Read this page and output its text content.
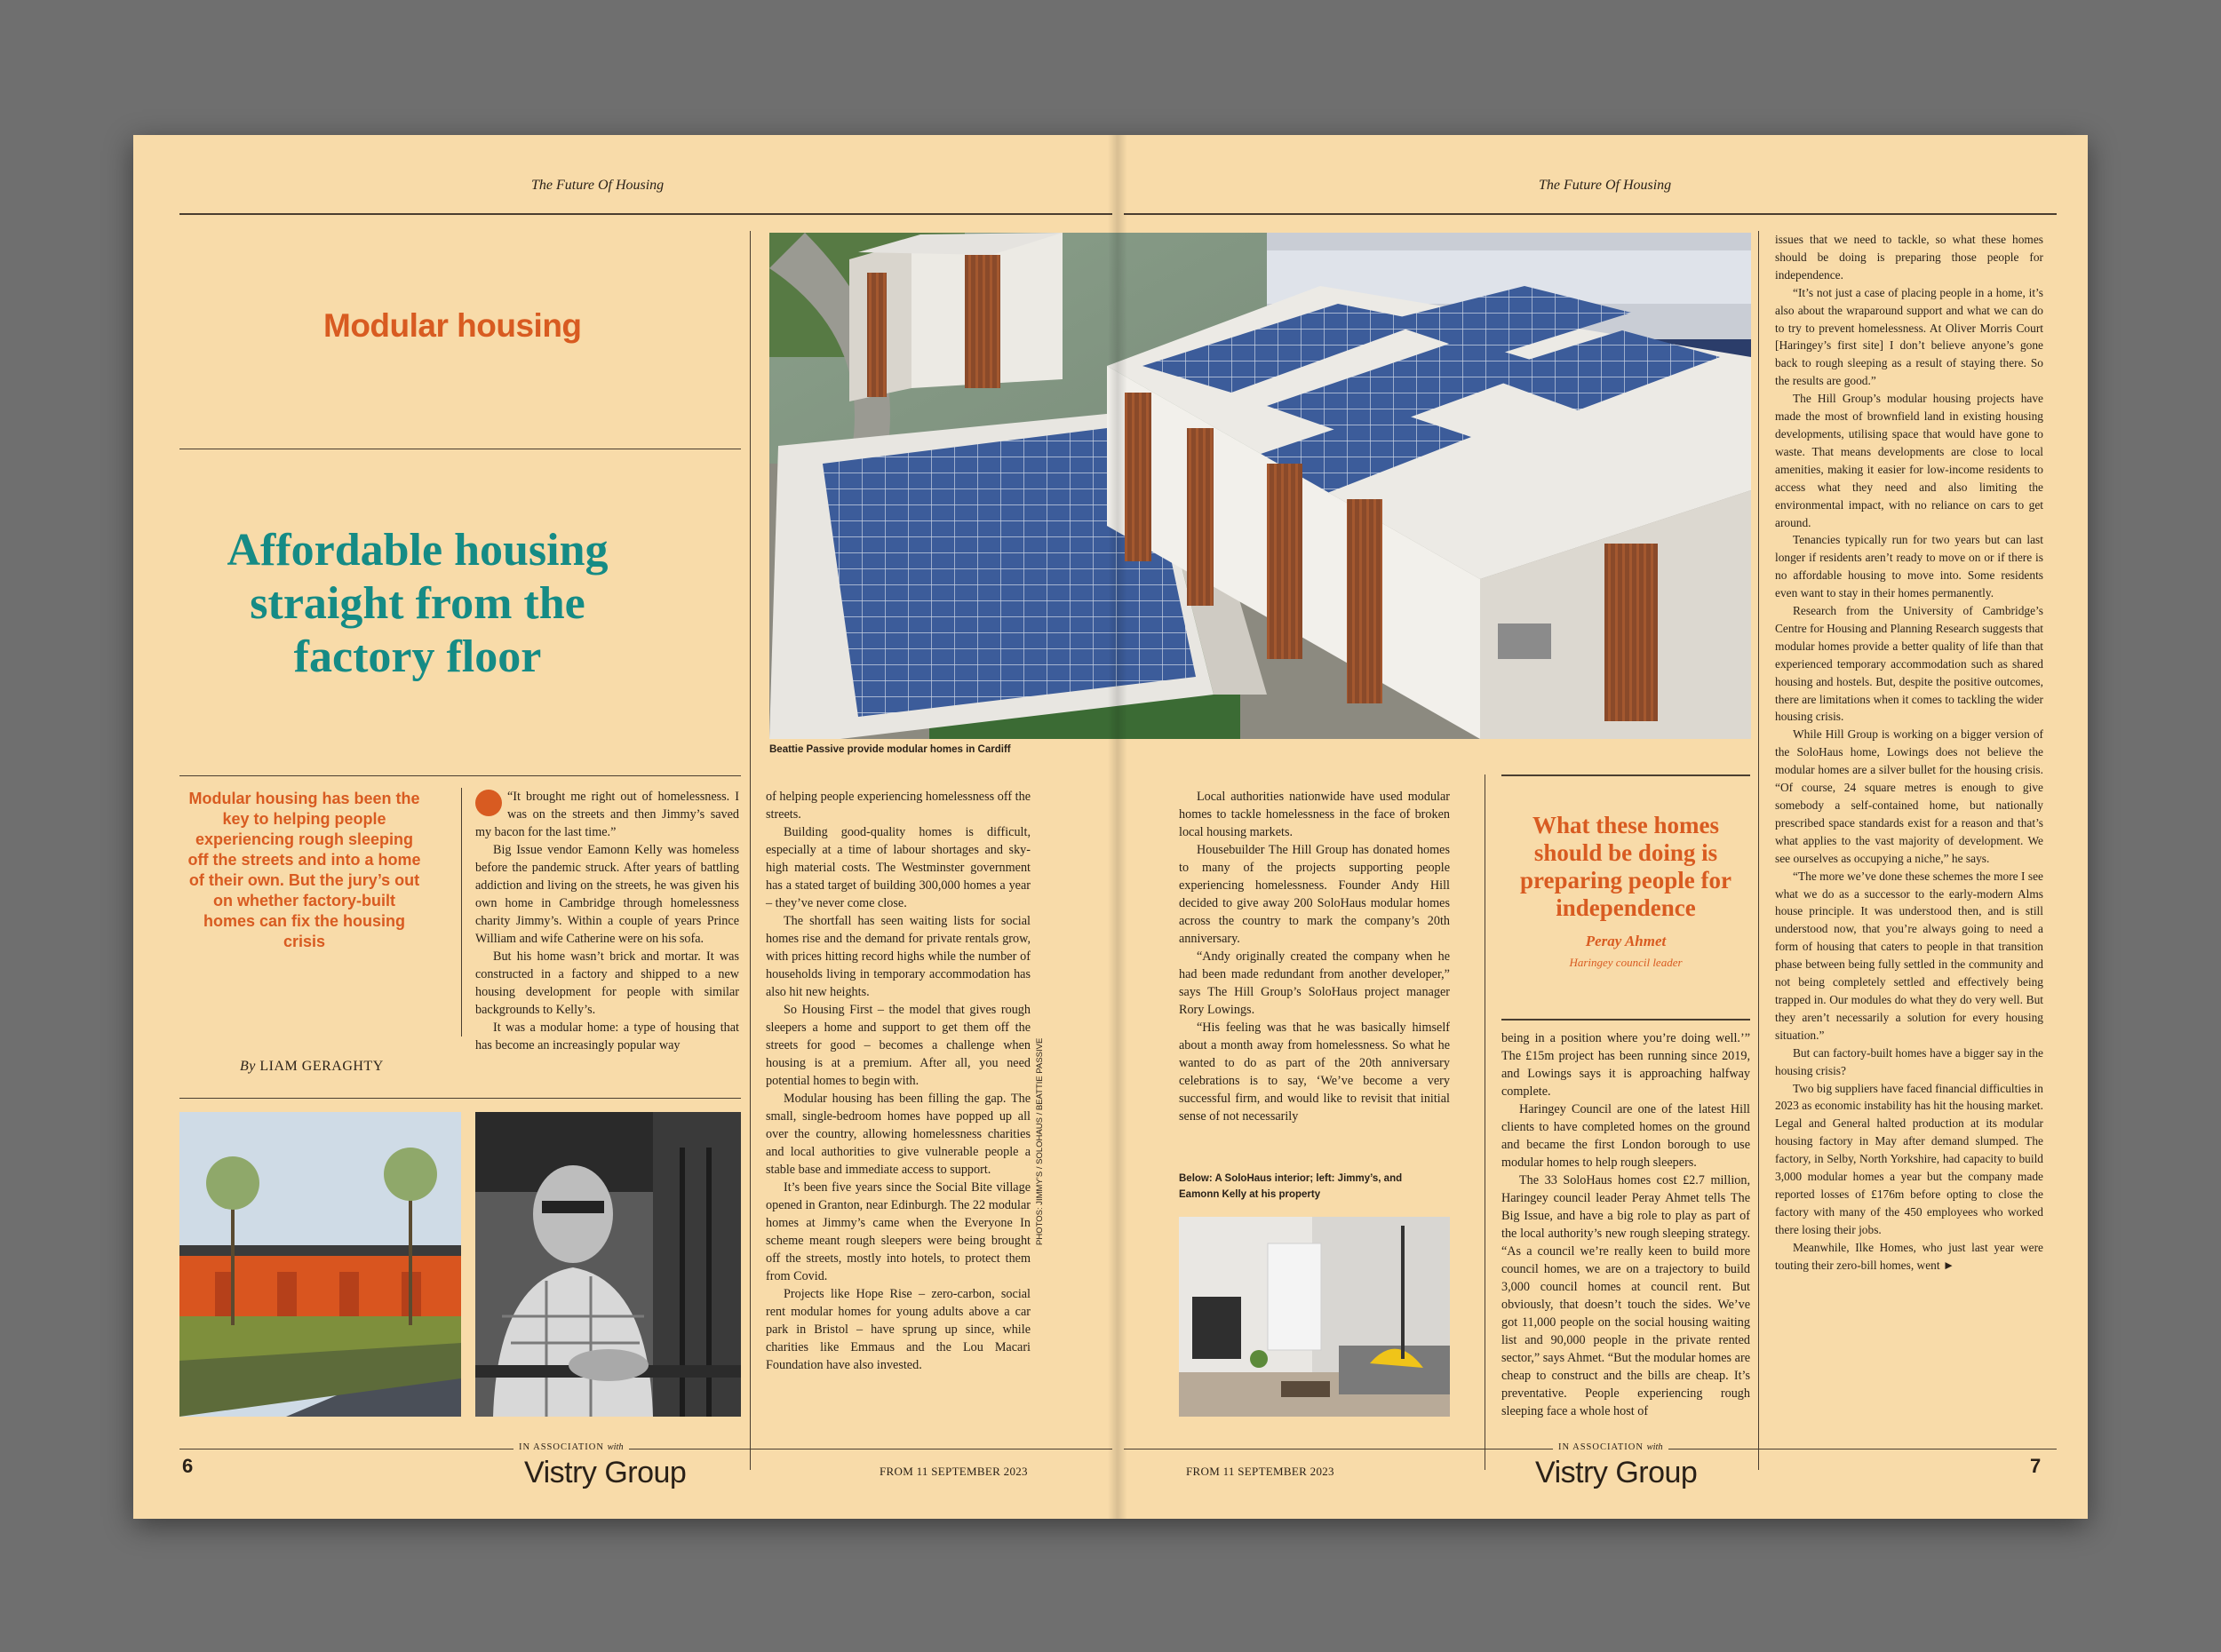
The Future Of Housing	The Future Of Housing
Modular housing
Affordable housing straight from the factory floor
Modular housing has been the key to helping people experiencing rough sleeping off the streets and into a home of their own. But the jury’s out on whether factory-built homes can fix the housing crisis
By LIAM GERAGHTY
Beattie Passive provide modular homes in Cardiff

“It brought me right out of homelessness. I was on the streets and then Jimmy’s saved my bacon for the last time.”

Big Issue vendor Eamonn Kelly was homeless before the pandemic struck. After years of battling addiction and living on the streets, he was given his own home in Cambridge through homelessness charity Jimmy’s. Within a couple of years Prince William and wife Catherine were on his sofa.

But his home wasn’t brick and mortar. It was constructed in a factory and shipped to a new housing development for people with similar backgrounds to Kelly’s.

It was a modular home: a type of housing that has become an increasingly popular way

of helping people experiencing homelessness off the streets.

Building good-quality homes is difficult, especially at a time of labour shortages and sky-high material costs. The Westminster government has a stated target of building 300,000 homes a year – they’ve never come close.

The shortfall has seen waiting lists for social homes rise and the demand for private rentals grow, with prices hitting record highs while the number of households living in temporary accommodation has also hit new heights.

So Housing First – the model that gives rough sleepers a home and support to get them off the streets for good – becomes a challenge when housing is at a premium. After all, you need potential homes to begin with.

Modular housing has been filling the gap. The small, single-bedroom homes have popped up all over the country, allowing homelessness charities and local authorities to give vulnerable people a stable base and immediate access to support.

It’s been five years since the Social Bite village opened in Granton, near Edinburgh. The 22 modular homes at Jimmy’s came when the Everyone In scheme meant rough sleepers were being brought off the streets, mostly into hotels, to protect them from Covid.

Projects like Hope Rise – zero-carbon, social rent modular homes for young adults above a car park in Bristol – have sprung up since, while charities like Emmaus and the Lou Macari Foundation have also invested.

PHOTOS: JIMMY’S / SOLOHAUS / BEATTIE PASSIVE

Local authorities nationwide have used modular homes to tackle homelessness in the face of broken local housing markets.

Housebuilder The Hill Group has donated homes to many of the projects supporting people experiencing homelessness. Founder Andy Hill decided to give away 200 SoloHaus modular homes across the country to mark the company’s 20th anniversary.

“Andy originally created the company when he had been made redundant from another developer,” says The Hill Group’s SoloHaus project manager Rory Lowings.

“His feeling was that he was basically himself about a month away from homelessness. So what he wanted to do as part of the 20th anniversary celebrations is to say, ‘We’ve become a very successful firm, and would like to revisit that initial sense of not necessarily

Below: A SoloHaus interior; left: Jimmy’s, and Eamonn Kelly at his property
What these homes should be doing is preparing people for independence
Peray Ahmet
Haringey council leader

being in a position where you’re doing well.’” The £15m project has been running since 2019, and Lowings says it is approaching halfway complete.

Haringey Council are one of the latest Hill clients to have completed homes on the ground and became the first London borough to use modular homes to help rough sleepers.

The 33 SoloHaus homes cost £2.7 million, Haringey council leader Peray Ahmet tells The Big Issue, and have a big role to play as part of the local authority’s new rough sleeping strategy. “As a council we’re really keen to build more council homes, we are on a trajectory to build 3,000 council homes at council rent. But obviously, that doesn’t touch the sides. We’ve got 11,000 people on the social housing waiting list and 90,000 people in the private rented sector,” says Ahmet. “But the modular homes are cheap to construct and the bills are cheap. It’s preventative. People experiencing rough sleeping face a whole host of

issues that we need to tackle, so what these homes should be doing is preparing those people for independence.

“It’s not just a case of placing people in a home, it’s also about the wraparound support and what we can do to try to prevent homelessness. At Oliver Morris Court [Haringey’s first site] I don’t believe anyone’s gone back to rough sleeping as a result of staying there. So the results are good.”

The Hill Group’s modular housing projects have made the most of brownfield land in existing housing developments, utilising space that would have gone to waste. That means developments are close to local amenities, making it easier for low-income residents to access what they need and also limiting the environmental impact, with no reliance on cars to get around.

Tenancies typically run for two years but can last longer if residents aren’t ready to move on or if there is no affordable housing to move into. Some residents even want to stay in their homes permanently.

Research from the University of Cambridge’s Centre for Housing and Planning Research suggests that modular homes provide a better quality of life than that experienced temporary accommodation such as shared housing and hostels. But, despite the positive outcomes, there are limitations when it comes to tackling the wider housing crisis.

While Hill Group is working on a bigger version of the SoloHaus home, Lowings does not believe the modular homes are a silver bullet for the housing crisis. “Of course, 24 square metres is enough to give somebody a self-contained home, but nationally prescribed space standards exist for a reason and that’s what applies to the vast majority of development. We see ourselves as occupying a niche,” he says.

“The more we’ve done these schemes the more I see what we do as a successor to the early-modern Alms house principle. It was understood then, and is still understood now, that you’re always going to need a form of housing that caters to people in that transition phase between being fully settled in the community and not being completely settled and effectively being trapped in. Our modules do what they do very well. But they aren’t necessarily a solution for every housing situation.”

But can factory-built homes have a bigger say in the housing crisis?

Two big suppliers have faced financial difficulties in 2023 as economic instability has hit the housing market. Legal and General halted production at its modular housing factory in May after demand slumped. The factory, in Selby, North Yorkshire, had capacity to build 3,000 modular homes a year but the company made reported losses of £176m before opting to close the factory with many of the 450 employees who worked there losing their jobs.

Meanwhile, Ilke Homes, who just last year were touting their zero-bill homes, went ►

IN ASSOCIATION with
Vistry Group
6	FROM 11 SEPTEMBER 2023
IN ASSOCIATION with
Vistry Group	7
FROM 11 SEPTEMBER 2023
